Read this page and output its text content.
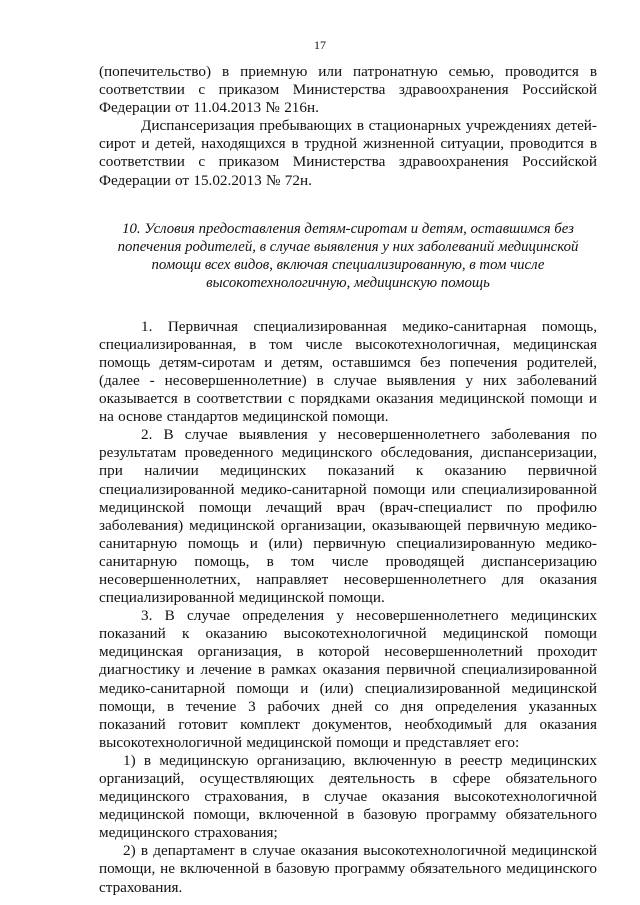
17

(попечительство) в приемную или патронатную семью, проводится в соответствии с приказом Министерства здравоохранения Российской Федерации от 11.04.2013 № 216н.

Диспансеризация пребывающих в стационарных учреждениях детей-сирот и детей, находящихся в трудной жизненной ситуации, проводится в соответствии с приказом Министерства здравоохранения Российской Федерации от 15.02.2013 № 72н.

10. Условия предоставления детям-сиротам и детям, оставшимся без попечения родителей, в случае выявления у них заболеваний медицинской помощи всех видов, включая специализированную, в том числе высокотехнологичную, медицинскую помощь

1. Первичная специализированная медико-санитарная помощь, специализированная, в том числе высокотехнологичная, медицинская помощь детям-сиротам и детям, оставшимся без попечения родителей, (далее - несовершеннолетние) в случае выявления у них заболеваний оказывается в соответствии с порядками оказания медицинской помощи и на основе стандартов медицинской помощи.

2. В случае выявления у несовершеннолетнего заболевания по результатам проведенного медицинского обследования, диспансеризации, при наличии медицинских показаний к оказанию первичной специализированной медико-санитарной помощи или специализированной медицинской помощи лечащий врач (врач-специалист по профилю заболевания) медицинской организации, оказывающей первичную медико-санитарную помощь и (или) первичную специализированную медико-санитарную помощь, в том числе проводящей диспансеризацию несовершеннолетних, направляет несовершеннолетнего для оказания специализированной медицинской помощи.

3. В случае определения у несовершеннолетнего медицинских показаний к оказанию высокотехнологичной медицинской помощи медицинская организация, в которой несовершеннолетний проходит диагностику и лечение в рамках оказания первичной специализированной медико-санитарной помощи и (или) специализированной медицинской помощи, в течение 3 рабочих дней со дня определения указанных показаний готовит комплект документов, необходимый для оказания высокотехнологичной медицинской помощи и представляет его:

1) в медицинскую организацию, включенную в реестр медицинских организаций, осуществляющих деятельность в сфере обязательного медицинского страхования, в случае оказания высокотехнологичной медицинской помощи, включенной в базовую программу обязательного медицинского страхования;

2) в департамент в случае оказания высокотехнологичной медицинской помощи, не включенной в базовую программу обязательного медицинского страхования.
